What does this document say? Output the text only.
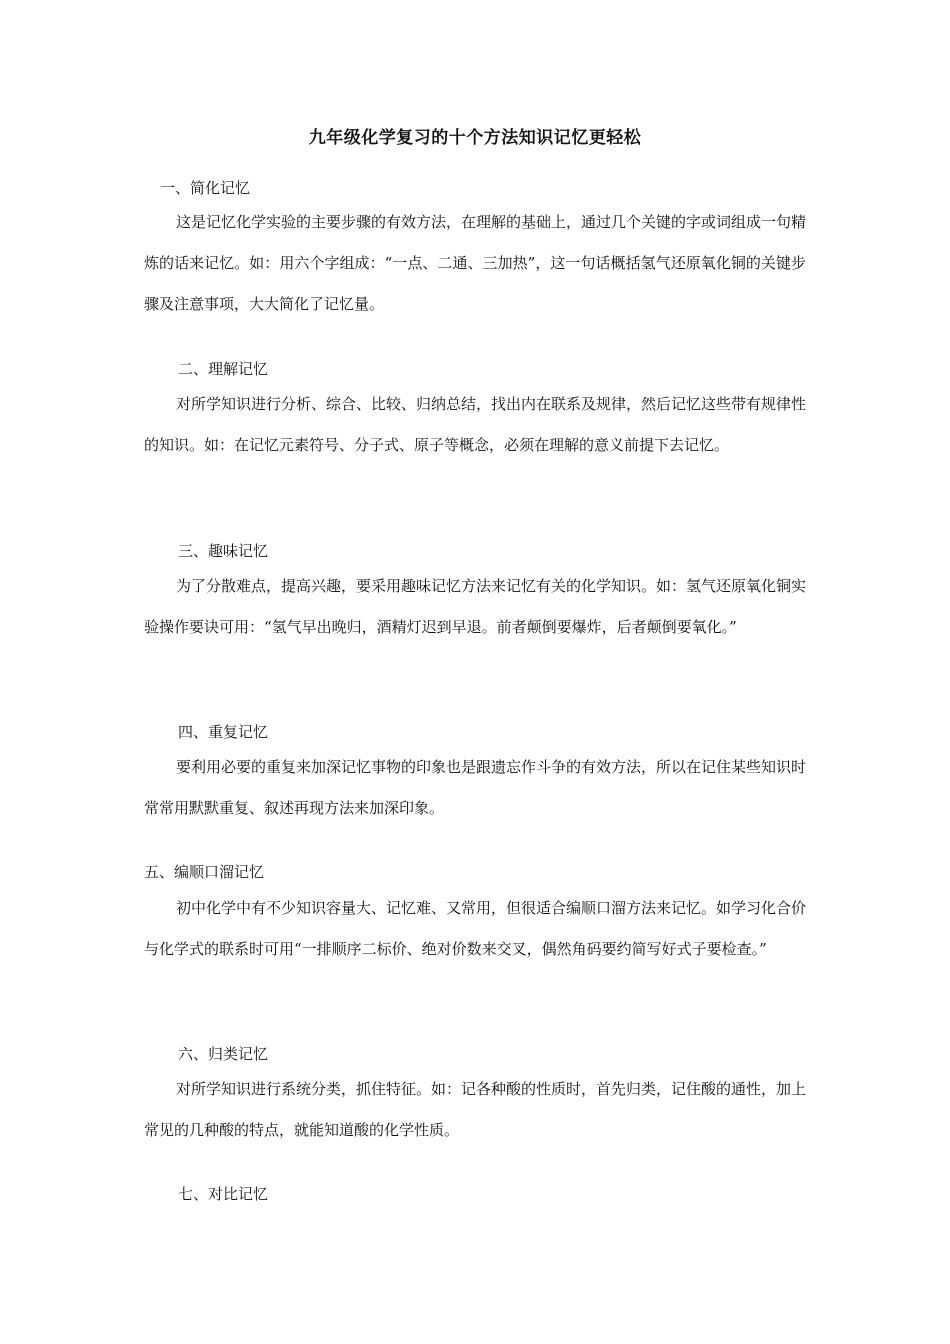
九年级化学复习的十个方法知识记忆更轻松
一、简化记忆
这是记忆化学实验的主要步骤的有效方法，在理解的基础上，通过几个关键的字或词组成一句精炼的话来记忆。如：用六个字组成：“一点、二通、三加热”，这一句话概括氢气还原氧化铜的关键步骤及注意事项，大大简化了记忆量。
二、理解记忆
对所学知识进行分析、综合、比较、归纳总结，找出内在联系及规律，然后记忆这些带有规律性的知识。如：在记忆元素符号、分子式、原子等概念，必须在理解的意义前提下去记忆。
三、趣味记忆
为了分散难点，提高兴趣，要采用趣味记忆方法来记忆有关的化学知识。如：氢气还原氧化铜实验操作要诀可用：“氢气早出晚归，酒精灯迟到早退。前者颠倒要爆炸，后者颠倒要氧化。”
四、重复记忆
要利用必要的重复来加深记忆事物的印象也是跟遗忘作斗争的有效方法，所以在记住某些知识时常常用默默重复、叙述再现方法来加深印象。
五、编顺口溜记忆
初中化学中有不少知识容量大、记忆难、又常用，但很适合编顺口溜方法来记忆。如学习化合价与化学式的联系时可用“一排顺序二标价、绝对价数来交叉，偶然角码要约简写好式子要检查。”
六、归类记忆
对所学知识进行系统分类，抓住特征。如：记各种酸的性质时，首先归类，记住酸的通性，加上常见的几种酸的特点，就能知道酸的化学性质。
七、对比记忆
